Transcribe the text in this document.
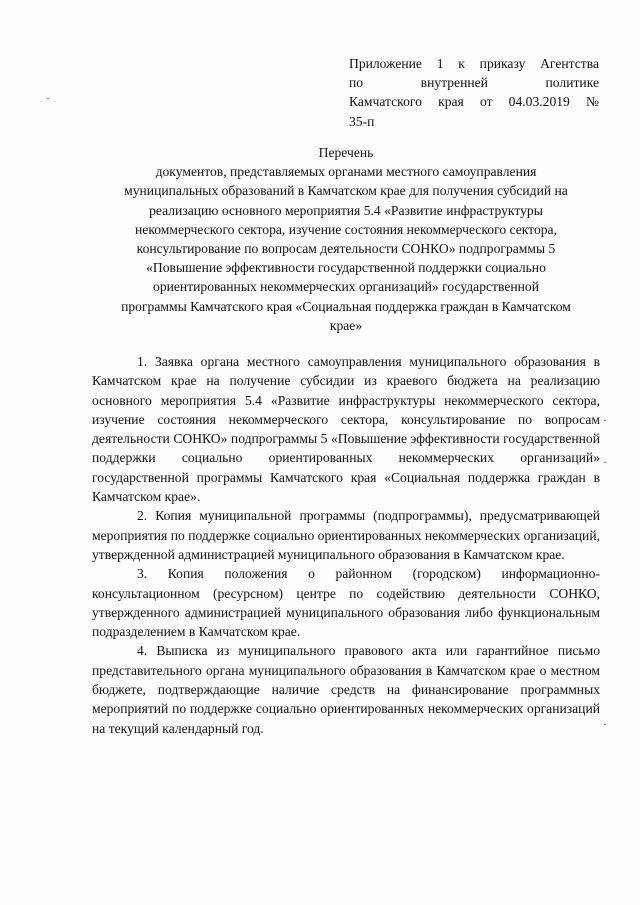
Приложение 1 к приказу Агентства
по внутренней политике
Камчатского края от 04.03.2019 №
35-п
Перечень
документов, представляемых органами местного самоуправления
муниципальных образований в Камчатском крае для получения субсидий на
реализацию основного мероприятия 5.4 «Развитие инфраструктуры
некоммерческого сектора, изучение состояния некоммерческого сектора,
консультирование по вопросам деятельности СОНКО» подпрограммы 5
«Повышение эффективности государственной поддержки социально
ориентированных некоммерческих организаций» государственной
программы Камчатского края «Социальная поддержка граждан в Камчатском
крае»

1. Заявка органа местного самоуправления муниципального образования в Камчатском крае на получение субсидии из краевого бюджета на реализацию основного мероприятия 5.4 «Развитие инфраструктуры некоммерческого сектора, изучение состояния некоммерческого сектора, консультирование по вопросам деятельности СОНКО» подпрограммы 5 «Повышение эффективности государственной поддержки социально ориентированных некоммерческих организаций» государственной программы Камчатского края «Социальная поддержка граждан в Камчатском крае».

2. Копия муниципальной программы (подпрограммы), предусматривающей мероприятия по поддержке социально ориентированных некоммерческих организаций, утвержденной администрацией муниципального образования в Камчатском крае.

3. Копия положения о районном (городском) информационно-консультационном (ресурсном) центре по содействию деятельности СОНКО, утвержденного администрацией муниципального образования либо функциональным подразделением в Камчатском крае.

4. Выписка из муниципального правового акта или гарантийное письмо представительного органа муниципального образования в Камчатском крае о местном бюджете, подтверждающие наличие средств на финансирование программных мероприятий по поддержке социально ориентированных некоммерческих организаций на текущий календарный год.
